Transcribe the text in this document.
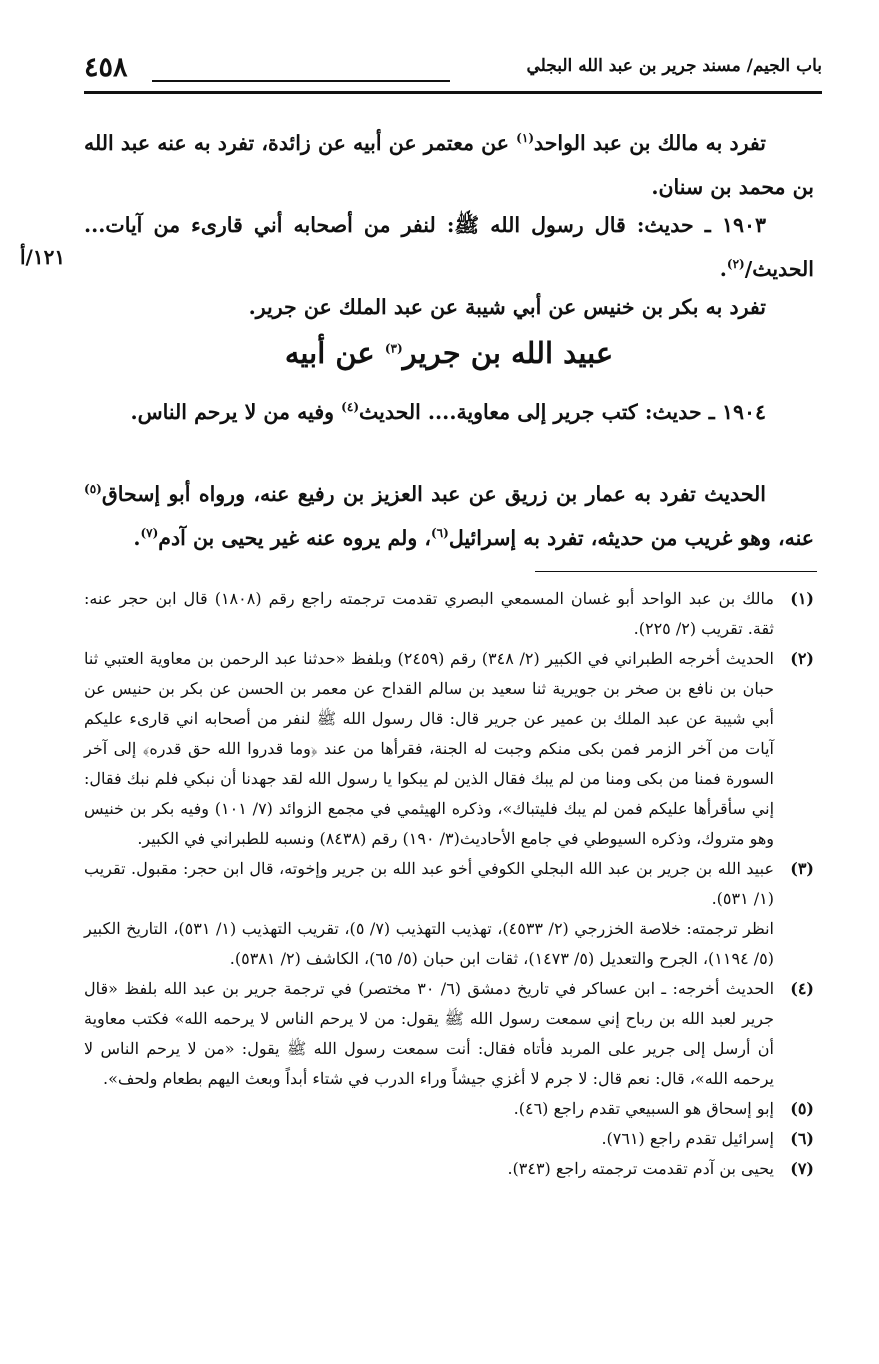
٤٥٨	باب الجيم/ مسند جرير بن عبد الله البجلي

تفرد به مالك بن عبد الواحد$^{(١)}$ عن معتمر عن أبيه عن زائدة، تفرد به عنه عبد الله بن محمد بن سنان.

١٩٠٣ ـ حديث: قال رسول الله ﷺ: لنفر من أصحابه أني قارىء من آيات... الحديث/$^{(٢)}$.

١٢١/أ

تفرد به بكر بن خنيس عن أبي شيبة عن عبد الملك عن جرير.

عبيد الله بن جرير$^{(٣)}$ عن أبيه

١٩٠٤ ـ حديث: كتب جرير إلى معاوية.... الحديث$^{(٤)}$ وفيه من لا يرحم الناس.

الحديث تفرد به عمار بن زريق عن عبد العزيز بن رفيع عنه، ورواه أبو إسحاق$^{(٥)}$ عنه، وهو غريب من حديثه، تفرد به إسرائيل$^{(٦)}$، ولم يروه عنه غير يحيى بن آدم$^{(٧)}$.

(١)
مالك بن عبد الواحد أبو غسان المسمعي البصري تقدمت ترجمته راجع رقم (١٨٠٨) قال ابن حجر عنه: ثقة. تقريب (٢/ ٢٢٥).
(٢)
الحديث أخرجه الطبراني في الكبير (٢/ ٣٤٨) رقم (٢٤٥٩) وبلفظ «حدثنا عبد الرحمن بن معاوية العتبي ثنا حبان بن نافع بن صخر بن جويرية ثنا سعيد بن سالم القداح عن معمر بن الحسن عن بكر بن حنيس عن أبي شيبة عن عبد الملك بن عمير عن جرير قال: قال رسول الله ﷺ لنفر من أصحابه اني قارىء عليكم آيات من آخر الزمر فمن بكى منكم وجبت له الجنة، فقرأها من عند ﴿وما قدروا الله حق قدره﴾ إلى آخر السورة فمنا من بكى ومنا من لم يبك فقال الذين لم يبكوا يا رسول الله لقد جهدنا أن نبكي فلم نبك فقال: إني سأقرأها عليكم فمن لم يبك فليتباك»، وذكره الهيثمي في مجمع الزوائد (٧/ ١٠١) وفيه بكر بن خنيس وهو متروك، وذكره السيوطي في جامع الأحاديث(٣/ ١٩٠) رقم (٨٤٣٨) ونسبه للطبراني في الكبير.
(٣)
عبيد الله بن جرير بن عبد الله البجلي الكوفي أخو عبد الله بن جرير وإخوته، قال ابن حجر: مقبول. تقريب (١/ ٥٣١).
انظر ترجمته: خلاصة الخزرجي (٢/ ٤٥٣٣)، تهذيب التهذيب (٧/ ٥)، تقريب التهذيب (١/ ٥٣١)، التاريخ الكبير (٥/ ١١٩٤)، الجرح والتعديل (٥/ ١٤٧٣)، ثقات ابن حبان (٥/ ٦٥)، الكاشف (٢/ ٥٣٨١).
(٤)
الحديث أخرجه: ـ ابن عساكر في تاريخ دمشق (٦/ ٣٠ مختصر) في ترجمة جرير بن عبد الله بلفظ «قال جرير لعبد الله بن رباح إني سمعت رسول الله ﷺ يقول: من لا يرحم الناس لا يرحمه الله» فكتب معاوية أن أرسل إلى جرير على المربد فأتاه فقال: أنت سمعت رسول الله ﷺ يقول: «من لا يرحم الناس لا يرحمه الله»، قال: نعم قال: لا جرم لا أغزي جيشاً وراء الدرب في شتاء أبداً وبعث اليهم بطعام ولحف».
(٥)
إبو إسحاق هو السبيعي تقدم راجع (٤٦).
(٦)
إسرائيل تقدم راجع (٧٦١).
(٧)
يحيى بن آدم تقدمت ترجمته راجع (٣٤٣).
